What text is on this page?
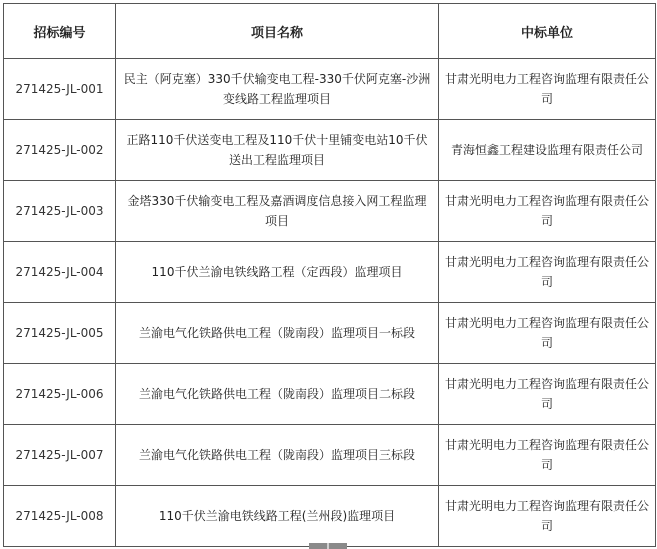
招标编号	项目名称	中标单位
271425-JL-001	民主（阿克塞）330千伏输变电工程-330千伏阿克塞-沙洲变线路工程监理项目	甘肃光明电力工程咨询监理有限责任公司
271425-JL-002	正路110千伏送变电工程及110千伏十里铺变电站10千伏送出工程监理项目	青海恒鑫工程建设监理有限责任公司
271425-JL-003	金塔330千伏输变电工程及嘉酒调度信息接入网工程监理项目	甘肃光明电力工程咨询监理有限责任公司
271425-JL-004	110千伏兰渝电铁线路工程（定西段）监理项目	甘肃光明电力工程咨询监理有限责任公司
271425-JL-005	兰渝电气化铁路供电工程（陇南段）监理项目一标段	甘肃光明电力工程咨询监理有限责任公司
271425-JL-006	兰渝电气化铁路供电工程（陇南段）监理项目二标段	甘肃光明电力工程咨询监理有限责任公司
271425-JL-007	兰渝电气化铁路供电工程（陇南段）监理项目三标段	甘肃光明电力工程咨询监理有限责任公司
271425-JL-008	110千伏兰渝电铁线路工程(兰州段)监理项目	甘肃光明电力工程咨询监理有限责任公司
